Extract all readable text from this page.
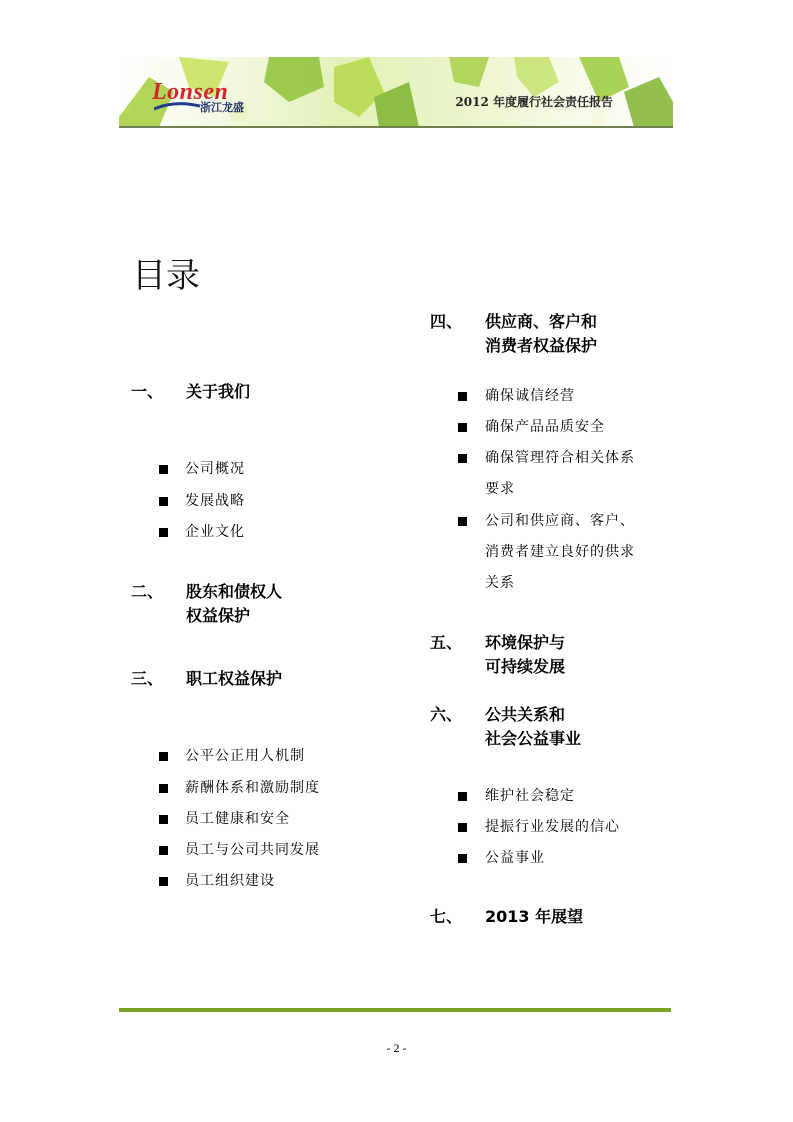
Lonsen
浙江龙盛	2012 年度履行社会责任报告
目录
一、 关于我们
公司概况
发展战略
企业文化
二、 股东和债权人
权益保护
三、 职工权益保护
公平公正用人机制
薪酬体系和激励制度
员工健康和安全
员工与公司共同发展
员工组织建设
四、 供应商、客户和
消费者权益保护
确保诚信经营
确保产品品质安全
确保管理符合相关体系
要求
公司和供应商、客户、
消费者建立良好的供求
关系
五、 环境保护与
可持续发展
六、 公共关系和
社会公益事业
维护社会稳定
提振行业发展的信心
公益事业
七、 2013 年展望
- 2 -
